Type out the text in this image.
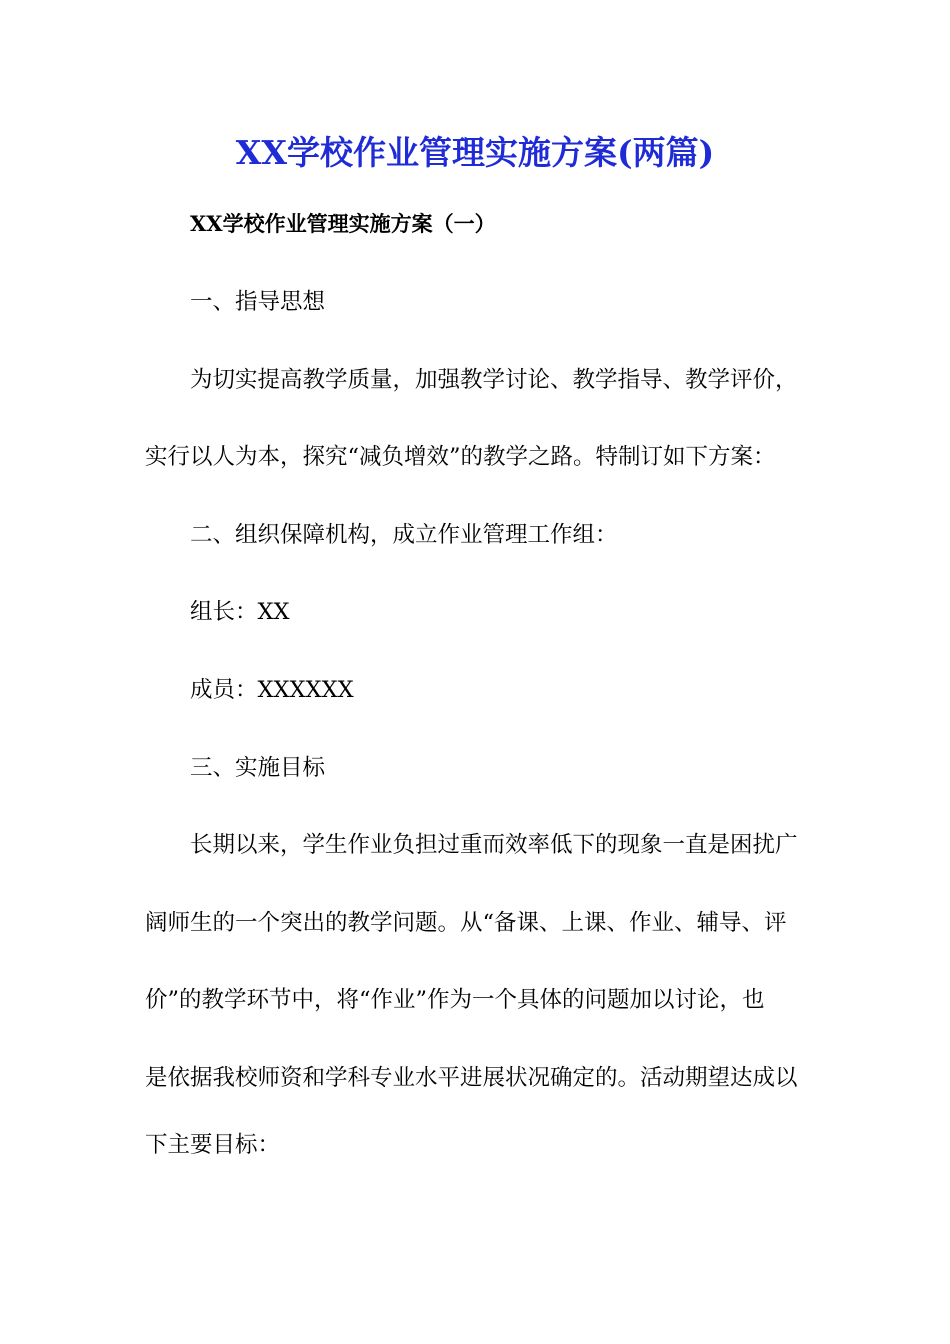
XX学校作业管理实施方案(两篇)
XX学校作业管理实施方案（一）
一、指导思想
为切实提高教学质量，加强教学讨论、教学指导、教学评价，
实行以人为本，探究“减负增效”的教学之路。特制订如下方案：
二、组织保障机构，成立作业管理工作组：
组长：XX
成员：XXXXXX
三、实施目标
长期以来，学生作业负担过重而效率低下的现象一直是困扰广
阔师生的一个突出的教学问题。从“备课、上课、作业、辅导、评
价”的教学环节中，将“作业”作为一个具体的问题加以讨论，也
是依据我校师资和学科专业水平进展状况确定的。活动期望达成以
下主要目标：
